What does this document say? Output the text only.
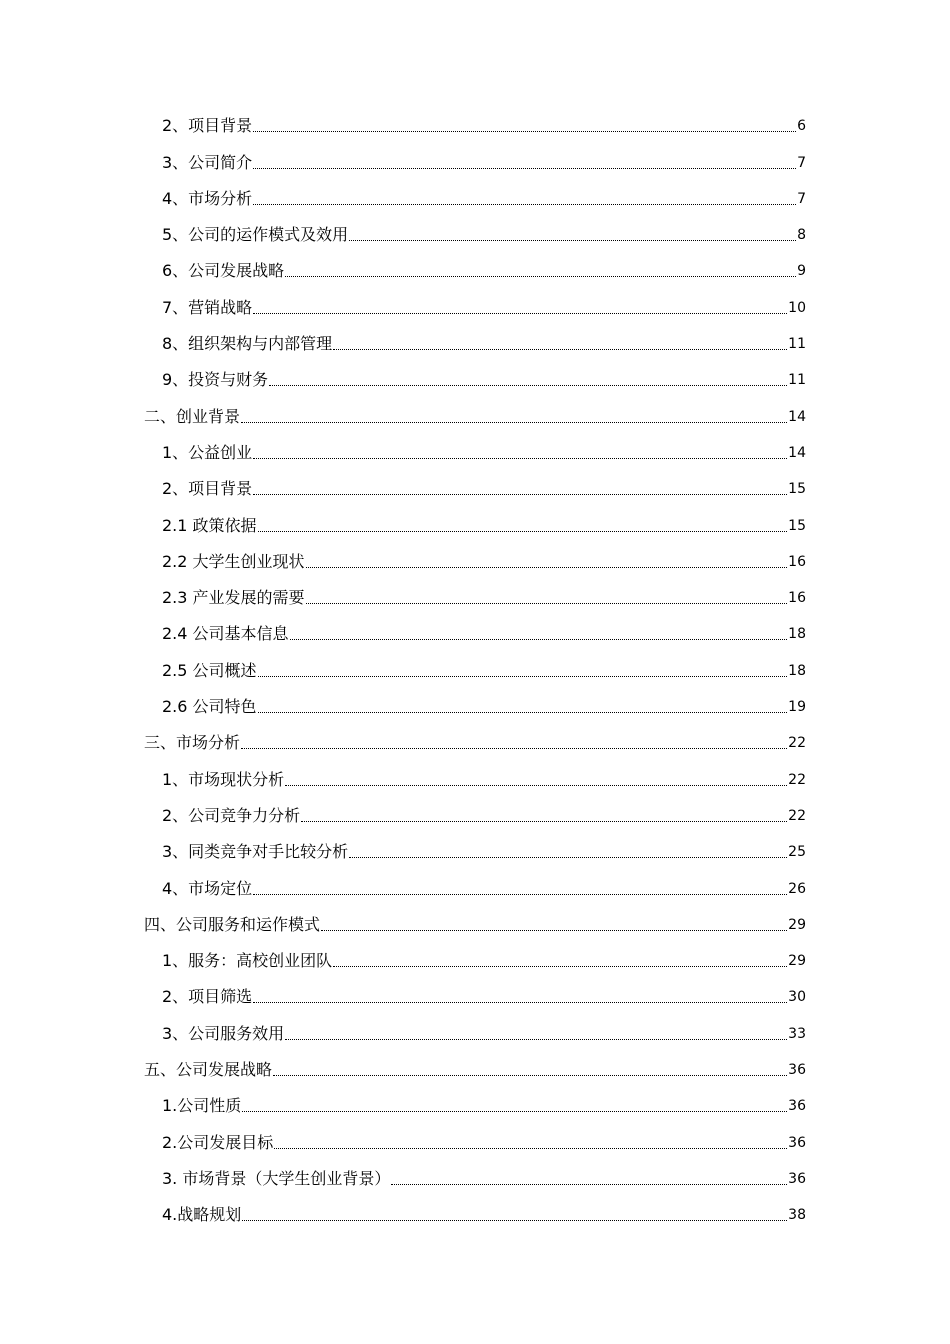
2、项目背景	6
3、公司简介	7
4、市场分析	7
5、公司的运作模式及效用	8
6、公司发展战略	9
7、营销战略	10
8、组织架构与内部管理	11
9、投资与财务	11
二、创业背景	14
1、公益创业	14
2、项目背景	15
2.1 政策依据	15
2.2 大学生创业现状	16
2.3 产业发展的需要	16
2.4 公司基本信息	18
2.5 公司概述	18
2.6 公司特色	19
三、市场分析	22
1、市场现状分析	22
2、公司竞争力分析	22
3、同类竞争对手比较分析	25
4、市场定位	26
四、公司服务和运作模式	29
1、服务：高校创业团队	29
2、项目筛选	30
3、公司服务效用	33
五、公司发展战略	36
1.公司性质	36
2.公司发展目标	36
3. 市场背景（大学生创业背景）	36
4.战略规划	38
